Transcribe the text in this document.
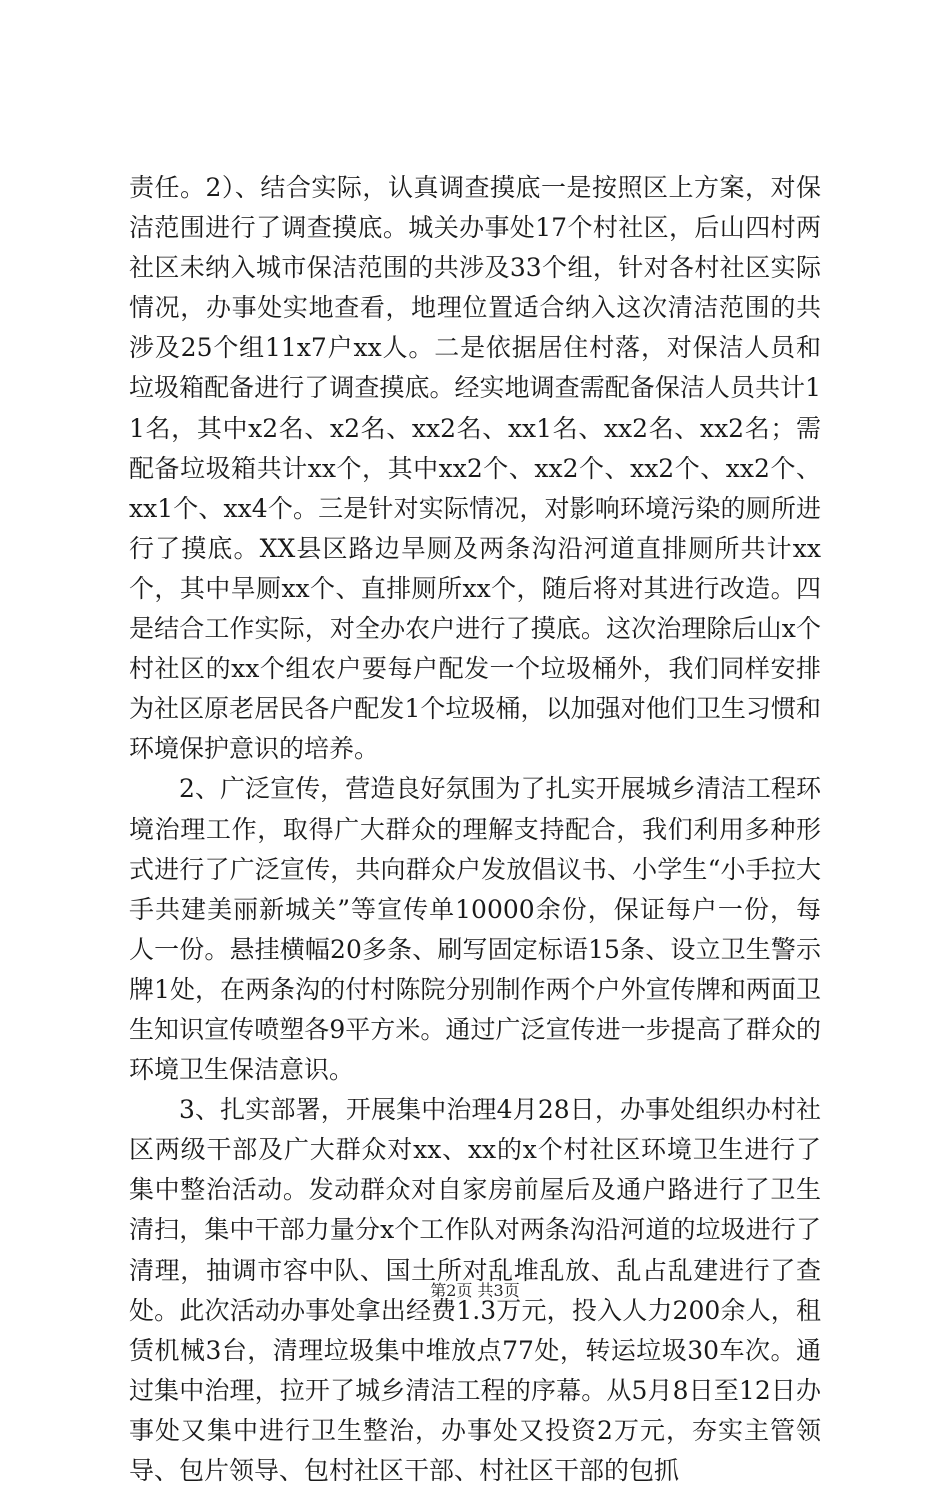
责任。2）、结合实际，认真调查摸底一是按照区上方案，对保洁范围进行了调查摸底。城关办事处17个村社区，后山四村两社区未纳入城市保洁范围的共涉及33个组，针对各村社区实际情况，办事处实地查看，地理位置适合纳入这次清洁范围的共涉及25个组11x7户xx人。二是依据居住村落，对保洁人员和垃圾箱配备进行了调查摸底。经实地调查需配备保洁人员共计11名，其中x2名、x2名、xx2名、xx1名、xx2名、xx2名；需配备垃圾箱共计xx个，其中xx2个、xx2个、xx2个、xx2个、xx1个、xx4个。三是针对实际情况，对影响环境污染的厕所进行了摸底。XX县区路边旱厕及两条沟沿河道直排厕所共计xx个，其中旱厕xx个、直排厕所xx个，随后将对其进行改造。四是结合工作实际，对全办农户进行了摸底。这次治理除后山x个村社区的xx个组农户要每户配发一个垃圾桶外，我们同样安排为社区原老居民各户配发1个垃圾桶，以加强对他们卫生习惯和环境保护意识的培养。

2、广泛宣传，营造良好氛围为了扎实开展城乡清洁工程环境治理工作，取得广大群众的理解支持配合，我们利用多种形式进行了广泛宣传，共向群众户发放倡议书、小学生“小手拉大手共建美丽新城关”等宣传单10000余份，保证每户一份，每人一份。悬挂横幅20多条、刷写固定标语15条、设立卫生警示牌1处，在两条沟的付村陈院分别制作两个户外宣传牌和两面卫生知识宣传喷塑各9平方米。通过广泛宣传进一步提高了群众的环境卫生保洁意识。

3、扎实部署，开展集中治理4月28日，办事处组织办村社区两级干部及广大群众对xx、xx的x个村社区环境卫生进行了集中整治活动。发动群众对自家房前屋后及通户路进行了卫生清扫，集中干部力量分x个工作队对两条沟沿河道的垃圾进行了清理，抽调市容中队、国土所对乱堆乱放、乱占乱建进行了查处。此次活动办事处拿出经费1.3万元，投入人力200余人，租赁机械3台，清理垃圾集中堆放点77处，转运垃圾30车次。通过集中治理，拉开了城乡清洁工程的序幕。从5月8日至12日办事处又集中进行卫生整治，办事处又投资2万元，夯实主管领导、包片领导、包村社区干部、村社区干部的包抓

第2页 共3页
